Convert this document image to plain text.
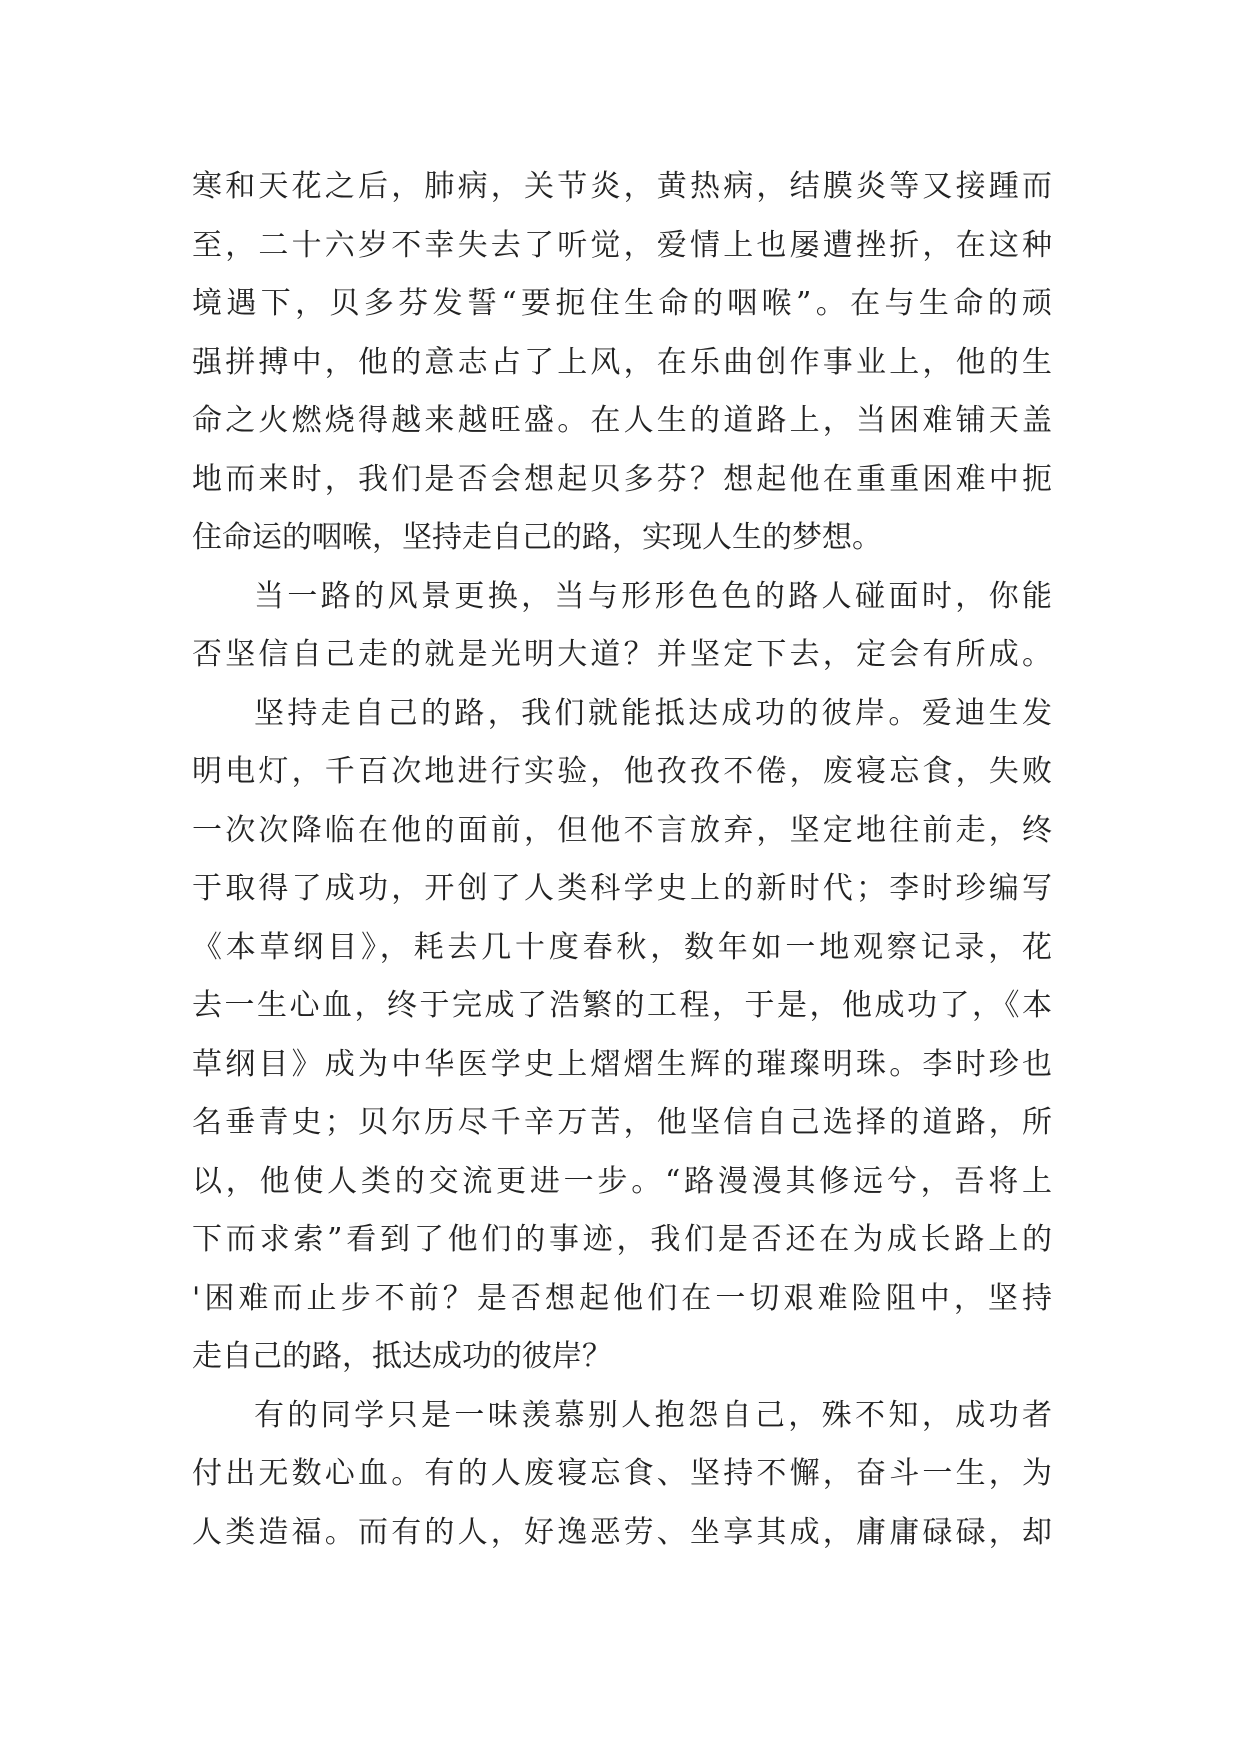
寒和天花之后，肺病，关节炎，黄热病，结膜炎等又接踵而
至，二十六岁不幸失去了听觉，爱情上也屡遭挫折，在这种
境遇下，贝多芬发誓“要扼住生命的咽喉”。在与生命的顽
强拼搏中，他的意志占了上风，在乐曲创作事业上，他的生
命之火燃烧得越来越旺盛。在人生的道路上，当困难铺天盖
地而来时，我们是否会想起贝多芬？想起他在重重困难中扼
住命运的咽喉，坚持走自己的路，实现人生的梦想。
当一路的风景更换，当与形形色色的路人碰面时，你能
否坚信自己走的就是光明大道？并坚定下去，定会有所成。
坚持走自己的路，我们就能抵达成功的彼岸。爱迪生发
明电灯，千百次地进行实验，他孜孜不倦，废寝忘食，失败
一次次降临在他的面前，但他不言放弃，坚定地往前走，终
于取得了成功，开创了人类科学史上的新时代；李时珍编写
《本草纲目》，耗去几十度春秋，数年如一地观察记录，花
去一生心血，终于完成了浩繁的工程，于是，他成功了，《本
草纲目》成为中华医学史上熠熠生辉的璀璨明珠。李时珍也
名垂青史；贝尔历尽千辛万苦，他坚信自己选择的道路，所
以，他使人类的交流更进一步。“路漫漫其修远兮，吾将上
下而求索”看到了他们的事迹，我们是否还在为成长路上的
'困难而止步不前？是否想起他们在一切艰难险阻中，坚持
走自己的路，抵达成功的彼岸？
有的同学只是一味羡慕别人抱怨自己，殊不知，成功者
付出无数心血。有的人废寝忘食、坚持不懈，奋斗一生，为
人类造福。而有的人，好逸恶劳、坐享其成，庸庸碌碌，却
